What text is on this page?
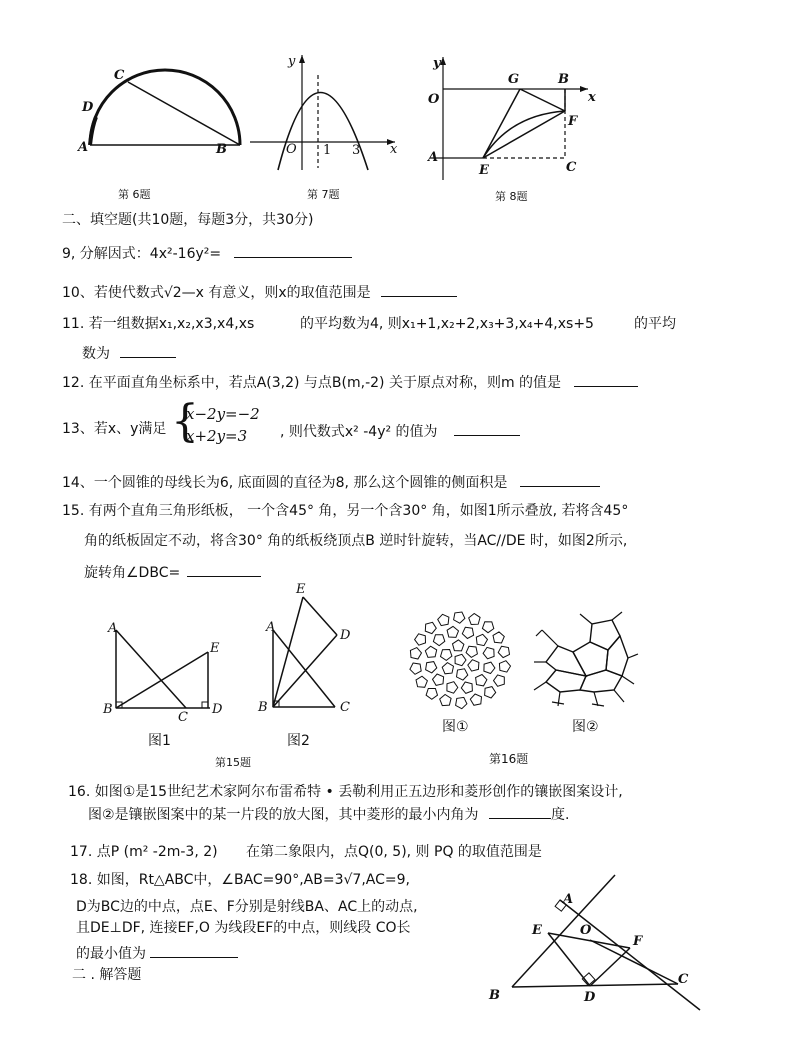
C
D
A	B
第 6题
y
x
O 1 3
第 7题
y
x
O
G	B
F
A
E	C
第 8题
二、填空题(共10题，每题3分，共30分)
9, 分解因式：4x²-16y²=
10、若使代数式√2—x 有意义，则x的取值范围是
11. 若一组数据x₁,x₂,x3,x4,xs	的平均数为4, 则x₁+1,x₂+2,x₃+3,x₄+4,xs+5	的平均
数为
12. 在平面直角坐标系中，若点A(3,2) 与点B(m,-2) 关于原点对称，则m 的值是
13、若x、y满足 {
x−2y=−2
x+2y=3	, 则代数式x² -4y² 的值为
14、一个圆锥的母线长为6, 底面圆的直径为8, 那么这个圆锥的侧面积是
15. 有两个直角三角形纸板， 一个含45° 角，另一个含30° 角，如图1所示叠放, 若将含45°
角的纸板固定不动，将含30° 角的纸板绕顶点B 逆时针旋转，当AC//DE 时，如图2所示,
旋转角∠DBC=
A
E
B
C
D
图1
E
A
D
B	C
图2
第15题
图①	图②
第16题
16. 如图①是15世纪艺术家阿尔布雷希特 • 丢勒利用正五边形和菱形创作的镶嵌图案设计,
图②是镶嵌图案中的某一片段的放大图，其中菱形的最小内角为	度.
17. 点P (m² -2m-3, 2) 在第二象限内，点Q(0, 5), 则 PQ 的取值范围是
18. 如图，Rt△ABC中，∠BAC=90°,AB=3√7,AC=9,
D为BC边的中点，点E、F分别是射线BA、AC上的动点,
且DE⊥DF, 连接EF,O 为线段EF的中点，则线段 CO长
的最小值为
二 . 解答题
A
E	O
F
B	D
C
